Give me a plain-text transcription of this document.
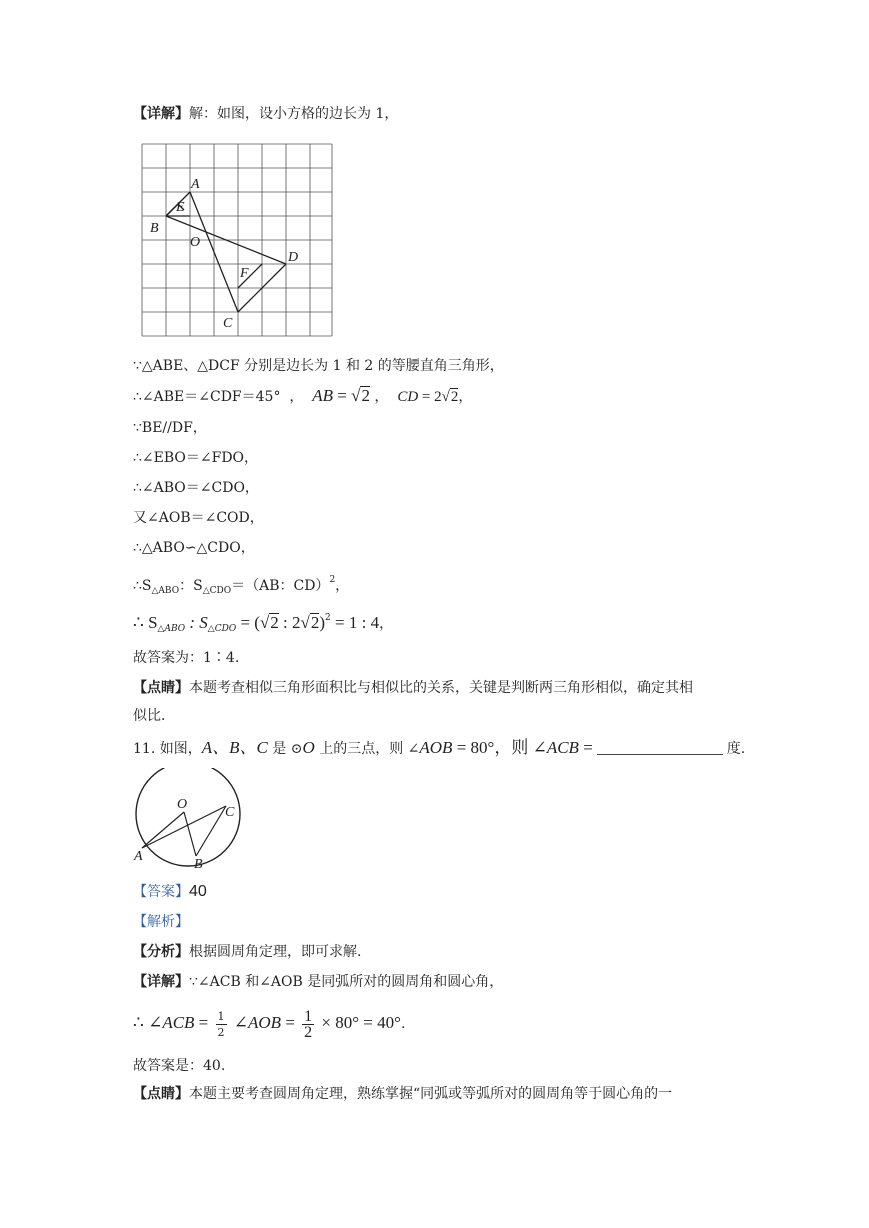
【详解】解：如图，设小方格的边长为 1，
A
E
B
O
D
F
C
∵△ABE、△DCF 分别是边长为 1 和 2 的等腰直角三角形，
∴∠ABE＝∠CDF＝45°  ，  AB = √2 ，  CD = 2√2，
∵BE//DF，
∴∠EBO＝∠FDO，
∴∠ABO＝∠CDO，
又∠AOB＝∠COD，
∴△ABO∽△CDO，
$\therefore S_{\triangle ABO}$：$S_{\triangle CDO}=(AB$：CD）$^2$，
∴ $S_{\triangle ABO}$ : $S_{\triangle CDO} = (√2$ : 2√2)$^2$ = 1 : 4，
故答案为：1∶4.
【点睛】本题考查相似三角形面积比与相似比的关系，关键是判断两三角形相似，确定其相
似比.
11. 如图，A、B、C 是 ⊙O 上的三点，则 ∠AOB = 80°，则 ∠ACB =	度.
O
C
A
B
【答案】40
【解析】
【分析】根据圆周角定理，即可求解.
【详解】∵∠ACB 和∠AOB 是同弧所对的圆周角和圆心角，
∴ ∠ACB = $\frac{1}{2}$ ∠AOB = $\frac{1}{2} \times 80^\circ = 40^\circ$.
故答案是：40.
【点睛】本题主要考查圆周角定理，熟练掌握“同弧或等弧所对的圆周角等于圆心角的一
